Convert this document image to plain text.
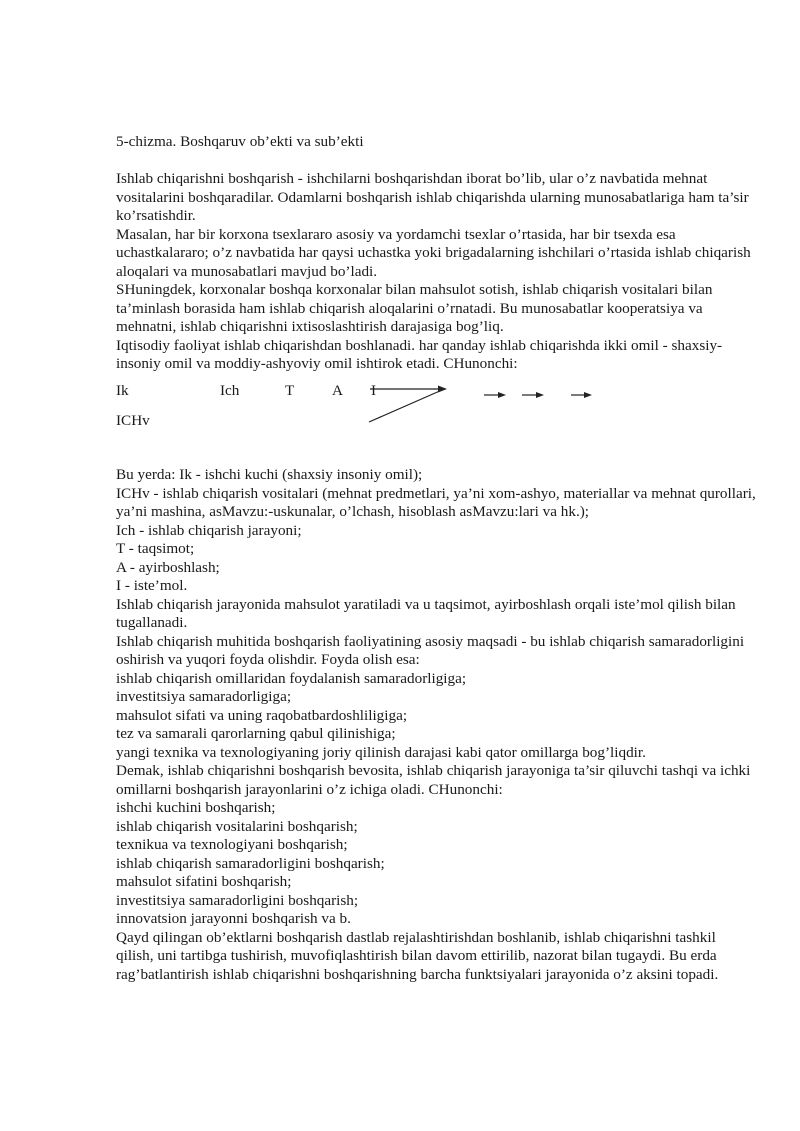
5-chizma. Boshqaruv ob’ekti va sub’ekti

Ishlab chiqarishni boshqarish - ishchilarni boshqarishdan iborat bo’lib, ular o’z navbatida mehnat vositalarini boshqaradilar. Odamlarni boshqarish ishlab chiqarishda ularning munosabatlariga ham ta’sir ko’rsatishdir.

Masalan, har bir korxona tsexlararo asosiy va yordamchi tsexlar o’rtasida, har bir tsexda esa uchastkalararo; o’z navbatida har qaysi uchastka yoki brigadalarning ishchilari o’rtasida ishlab chiqarish aloqalari va munosabatlari mavjud bo’ladi.

SHuningdek, korxonalar boshqa korxonalar bilan mahsulot sotish, ishlab chiqarish vositalari bilan ta’minlash borasida ham ishlab chiqarish aloqalarini o’rnatadi. Bu munosabatlar kooperatsiya va mehnatni, ishlab chiqarishni ixtisoslashtirish darajasiga bog’liq.

Iqtisodiy faoliyat ishlab chiqarishdan boshlanadi. har qanday ishlab chiqarishda ikki omil - shaxsiy-insoniy omil va moddiy-ashyoviy omil ishtirok etadi. CHunonchi:

Ik	Ich	T A I
ICHv

Bu yerda: Ik - ishchi kuchi (shaxsiy insoniy omil);

ICHv - ishlab chiqarish vositalari (mehnat predmetlari, ya’ni xom-ashyo, materiallar va mehnat qurollari, ya’ni mashina, asMavzu:-uskunalar, o’lchash, hisoblash asMavzu:lari va hk.);

Ich - ishlab chiqarish jarayoni;

T - taqsimot;

A - ayirboshlash;

I - iste’mol.

Ishlab chiqarish jarayonida mahsulot yaratiladi va u taqsimot, ayirboshlash orqali iste’mol qilish bilan tugallanadi.

Ishlab chiqarish muhitida boshqarish faoliyatining asosiy maqsadi - bu ishlab chiqarish samaradorligini oshirish va yuqori foyda olishdir. Foyda olish esa:

ishlab chiqarish omillaridan foydalanish samaradorligiga;

investitsiya samaradorligiga;

mahsulot sifati va uning raqobatbardoshliligiga;

tez va samarali qarorlarning qabul qilinishiga;

yangi texnika va texnologiyaning joriy qilinish darajasi kabi qator omillarga bog’liqdir.

Demak, ishlab chiqarishni boshqarish bevosita, ishlab chiqarish jarayoniga ta’sir qiluvchi tashqi va ichki omillarni boshqarish jarayonlarini o’z ichiga oladi. CHunonchi:

ishchi kuchini boshqarish;

ishlab chiqarish vositalarini boshqarish;

texnikua va texnologiyani boshqarish;

ishlab chiqarish samaradorligini boshqarish;

mahsulot sifatini boshqarish;

investitsiya samaradorligini boshqarish;

innovatsion jarayonni boshqarish va b.

Qayd qilingan ob’ektlarni boshqarish dastlab rejalashtirishdan boshlanib, ishlab chiqarishni tashkil qilish, uni tartibga tushirish, muvofiqlashtirish bilan davom ettirilib, nazorat bilan tugaydi. Bu erda rag’batlantirish ishlab chiqarishni boshqarishning barcha funktsiyalari jarayonida o’z aksini topadi.
